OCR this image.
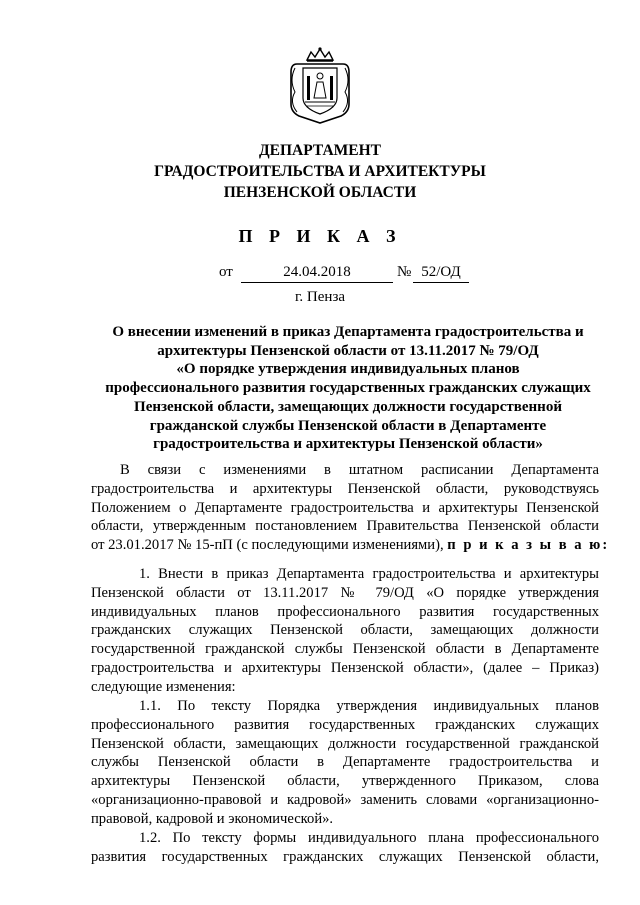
ДЕПАРТАМЕНТ
ГРАДОСТРОИТЕЛЬСТВА И АРХИТЕКТУРЫ
ПЕНЗЕНСКОЙ ОБЛАСТИ
П Р И К А З
от	24.04.2018	№ 52/ОД
г. Пенза
О внесении изменений в приказ Департамента градостроительства и
архитектуры Пензенской области от 13.11.2017 № 79/ОД
«О порядке утверждения индивидуальных планов
профессионального развития государственных гражданских служащих
Пензенской области, замещающих должности государственной
гражданской службы Пензенской области в Департаменте
градостроительства и архитектуры Пензенской области»
В связи с изменениями в штатном расписании Департамента
градостроительства и архитектуры Пензенской области, руководствуясь
Положением о Департаменте градостроительства и архитектуры Пензенской
области, утвержденным постановлением Правительства Пензенской области
от 23.01.2017 № 15-пП (с последующими изменениями), п р и к а з ы в а ю:
1. Внести в приказ Департамента градостроительства и архитектуры
Пензенской области от 13.11.2017 № 79/ОД «О порядке утверждения
индивидуальных планов профессионального развития государственных
гражданских служащих Пензенской области, замещающих должности
государственной гражданской службы Пензенской области в Департаменте
градостроительства и архитектуры Пензенской области», (далее – Приказ)
следующие изменения:
1.1. По тексту Порядка утверждения индивидуальных планов
профессионального развития государственных гражданских служащих
Пензенской области, замещающих должности государственной гражданской
службы Пензенской области в Департаменте градостроительства и
архитектуры Пензенской области, утвержденного Приказом, слова
«организационно-правовой и кадровой» заменить словами «организационно-
правовой, кадровой и экономической».
1.2. По тексту формы индивидуального плана профессионального
развития государственных гражданских служащих Пензенской области,
